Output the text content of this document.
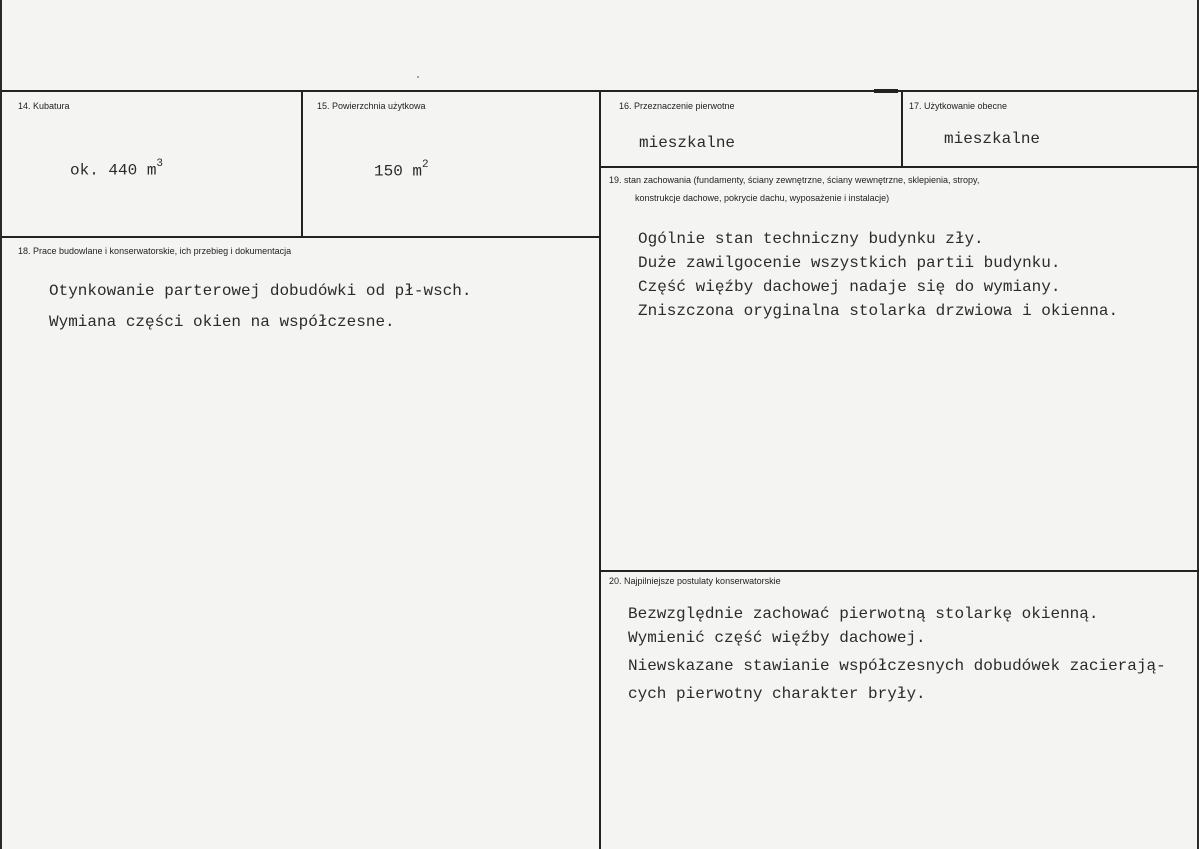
14. Kubatura
ok. 440 $m^3$
15. Powierzchnia użytkowa
150 $m^2$
16. Przeznaczenie pierwotne
mieszkalne
17. Użytkowanie obecne
mieszkalne
18. Prace budowlane i konserwatorskie, ich przebieg i dokumentacja
Otynkowanie parterowej dobudówki od pł-wsch.
Wymiana części okien na współczesne.
19. stan zachowania (fundamenty, ściany zewnętrzne, ściany wewnętrzne, sklepienia, stropy,
konstrukcje dachowe, pokrycie dachu, wyposażenie i instalacje)
Ogólnie stan techniczny budynku zły.
Duże zawilgocenie wszystkich partii budynku.
Część więźby dachowej nadaje się do wymiany.
Zniszczona oryginalna stolarka drzwiowa i okienna.
20. Najpilniejsze postulaty konserwatorskie
Bezwzględnie zachować pierwotną stolarkę okienną.
Wymienić część więźby dachowej.
Niewskazane stawianie współczesnych dobudówek zacierają-
cych pierwotny charakter bryły.
